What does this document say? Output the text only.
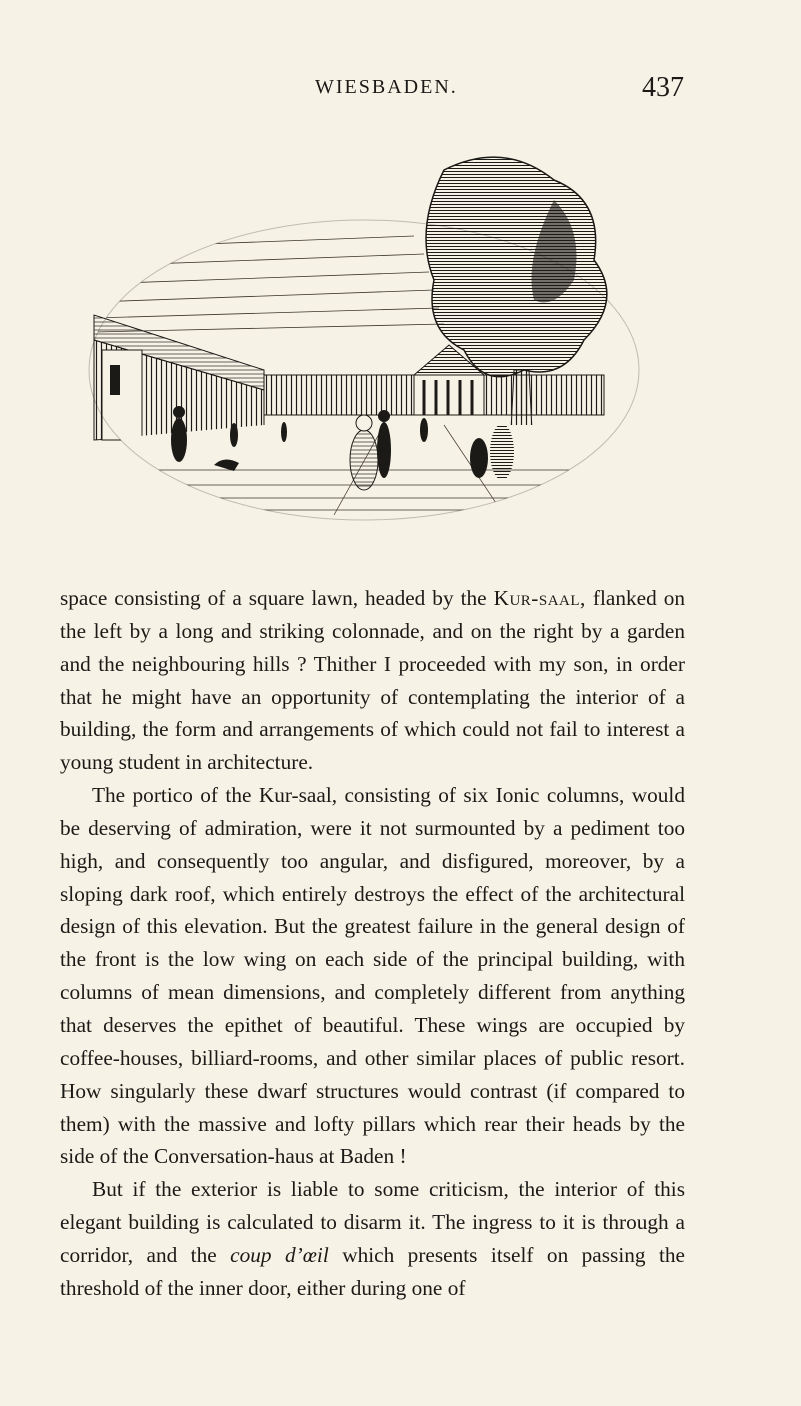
WIESBADEN.	437

space consisting of a square lawn, headed by the Kur-saal, flanked on the left by a long and striking colonnade, and on the right by a garden and the neighbouring hills ? Thither I proceeded with my son, in order that he might have an opportunity of contemplating the interior of a building, the form and arrangements of which could not fail to interest a young student in architecture.

The portico of the Kur-saal, consisting of six Ionic columns, would be deserving of admiration, were it not surmounted by a pediment too high, and consequently too angular, and disfigured, moreover, by a sloping dark roof, which entirely destroys the effect of the architectural design of this elevation. But the greatest failure in the general design of the front is the low wing on each side of the principal building, with columns of mean dimensions, and completely different from anything that deserves the epithet of beautiful. These wings are occupied by coffee-houses, billiard-rooms, and other similar places of public resort. How singularly these dwarf structures would contrast (if compared to them) with the massive and lofty pillars which rear their heads by the side of the Conversation-haus at Baden !

But if the exterior is liable to some criticism, the interior of this elegant building is calculated to disarm it. The ingress to it is through a corridor, and the coup d’œil which presents itself on passing the threshold of the inner door, either during one of
